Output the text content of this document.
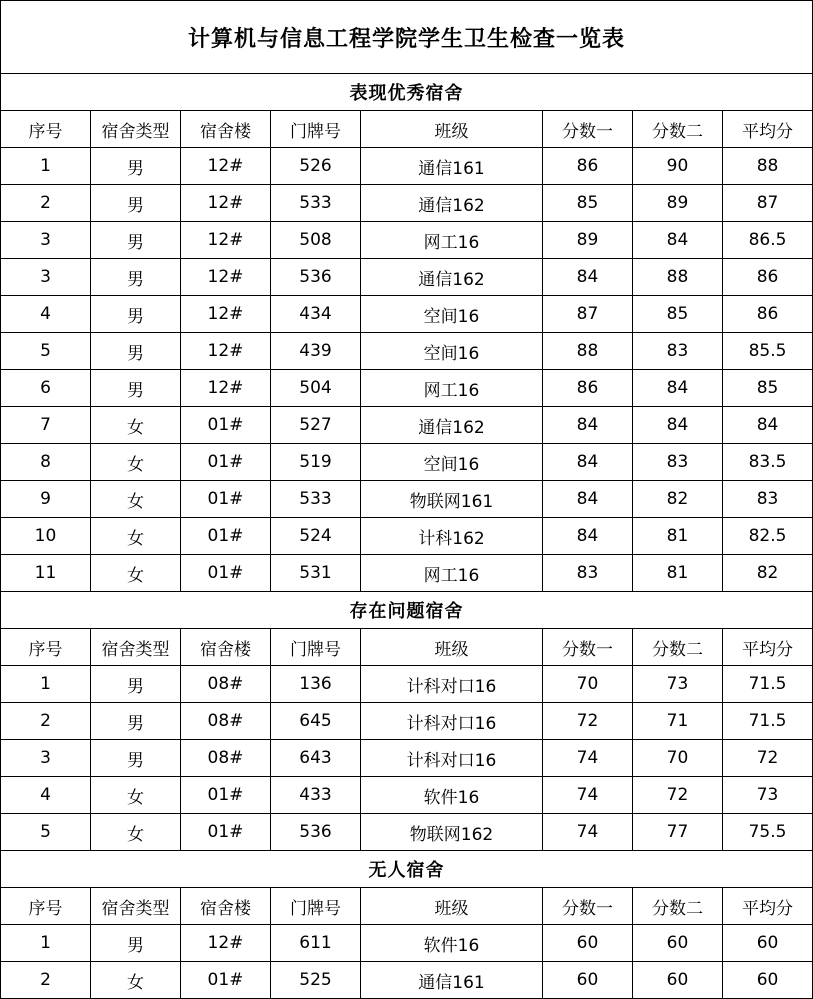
计算机与信息工程学院学生卫生检查一览表							
表现优秀宿舍							
序号	宿舍类型	宿舍楼	门牌号	班级	分数一	分数二	平均分
1	男	12#	526	通信161	86	90	88
2	男	12#	533	通信162	85	89	87
3	男	12#	508	网工16	89	84	86.5
3	男	12#	536	通信162	84	88	86
4	男	12#	434	空间16	87	85	86
5	男	12#	439	空间16	88	83	85.5
6	男	12#	504	网工16	86	84	85
7	女	01#	527	通信162	84	84	84
8	女	01#	519	空间16	84	83	83.5
9	女	01#	533	物联网161	84	82	83
10	女	01#	524	计科162	84	81	82.5
11	女	01#	531	网工16	83	81	82
存在问题宿舍							
序号	宿舍类型	宿舍楼	门牌号	班级	分数一	分数二	平均分
1	男	08#	136	计科对口16	70	73	71.5
2	男	08#	645	计科对口16	72	71	71.5
3	男	08#	643	计科对口16	74	70	72
4	女	01#	433	软件16	74	72	73
5	女	01#	536	物联网162	74	77	75.5
无人宿舍							
序号	宿舍类型	宿舍楼	门牌号	班级	分数一	分数二	平均分
1	男	12#	611	软件16	60	60	60
2	女	01#	525	通信161	60	60	60
